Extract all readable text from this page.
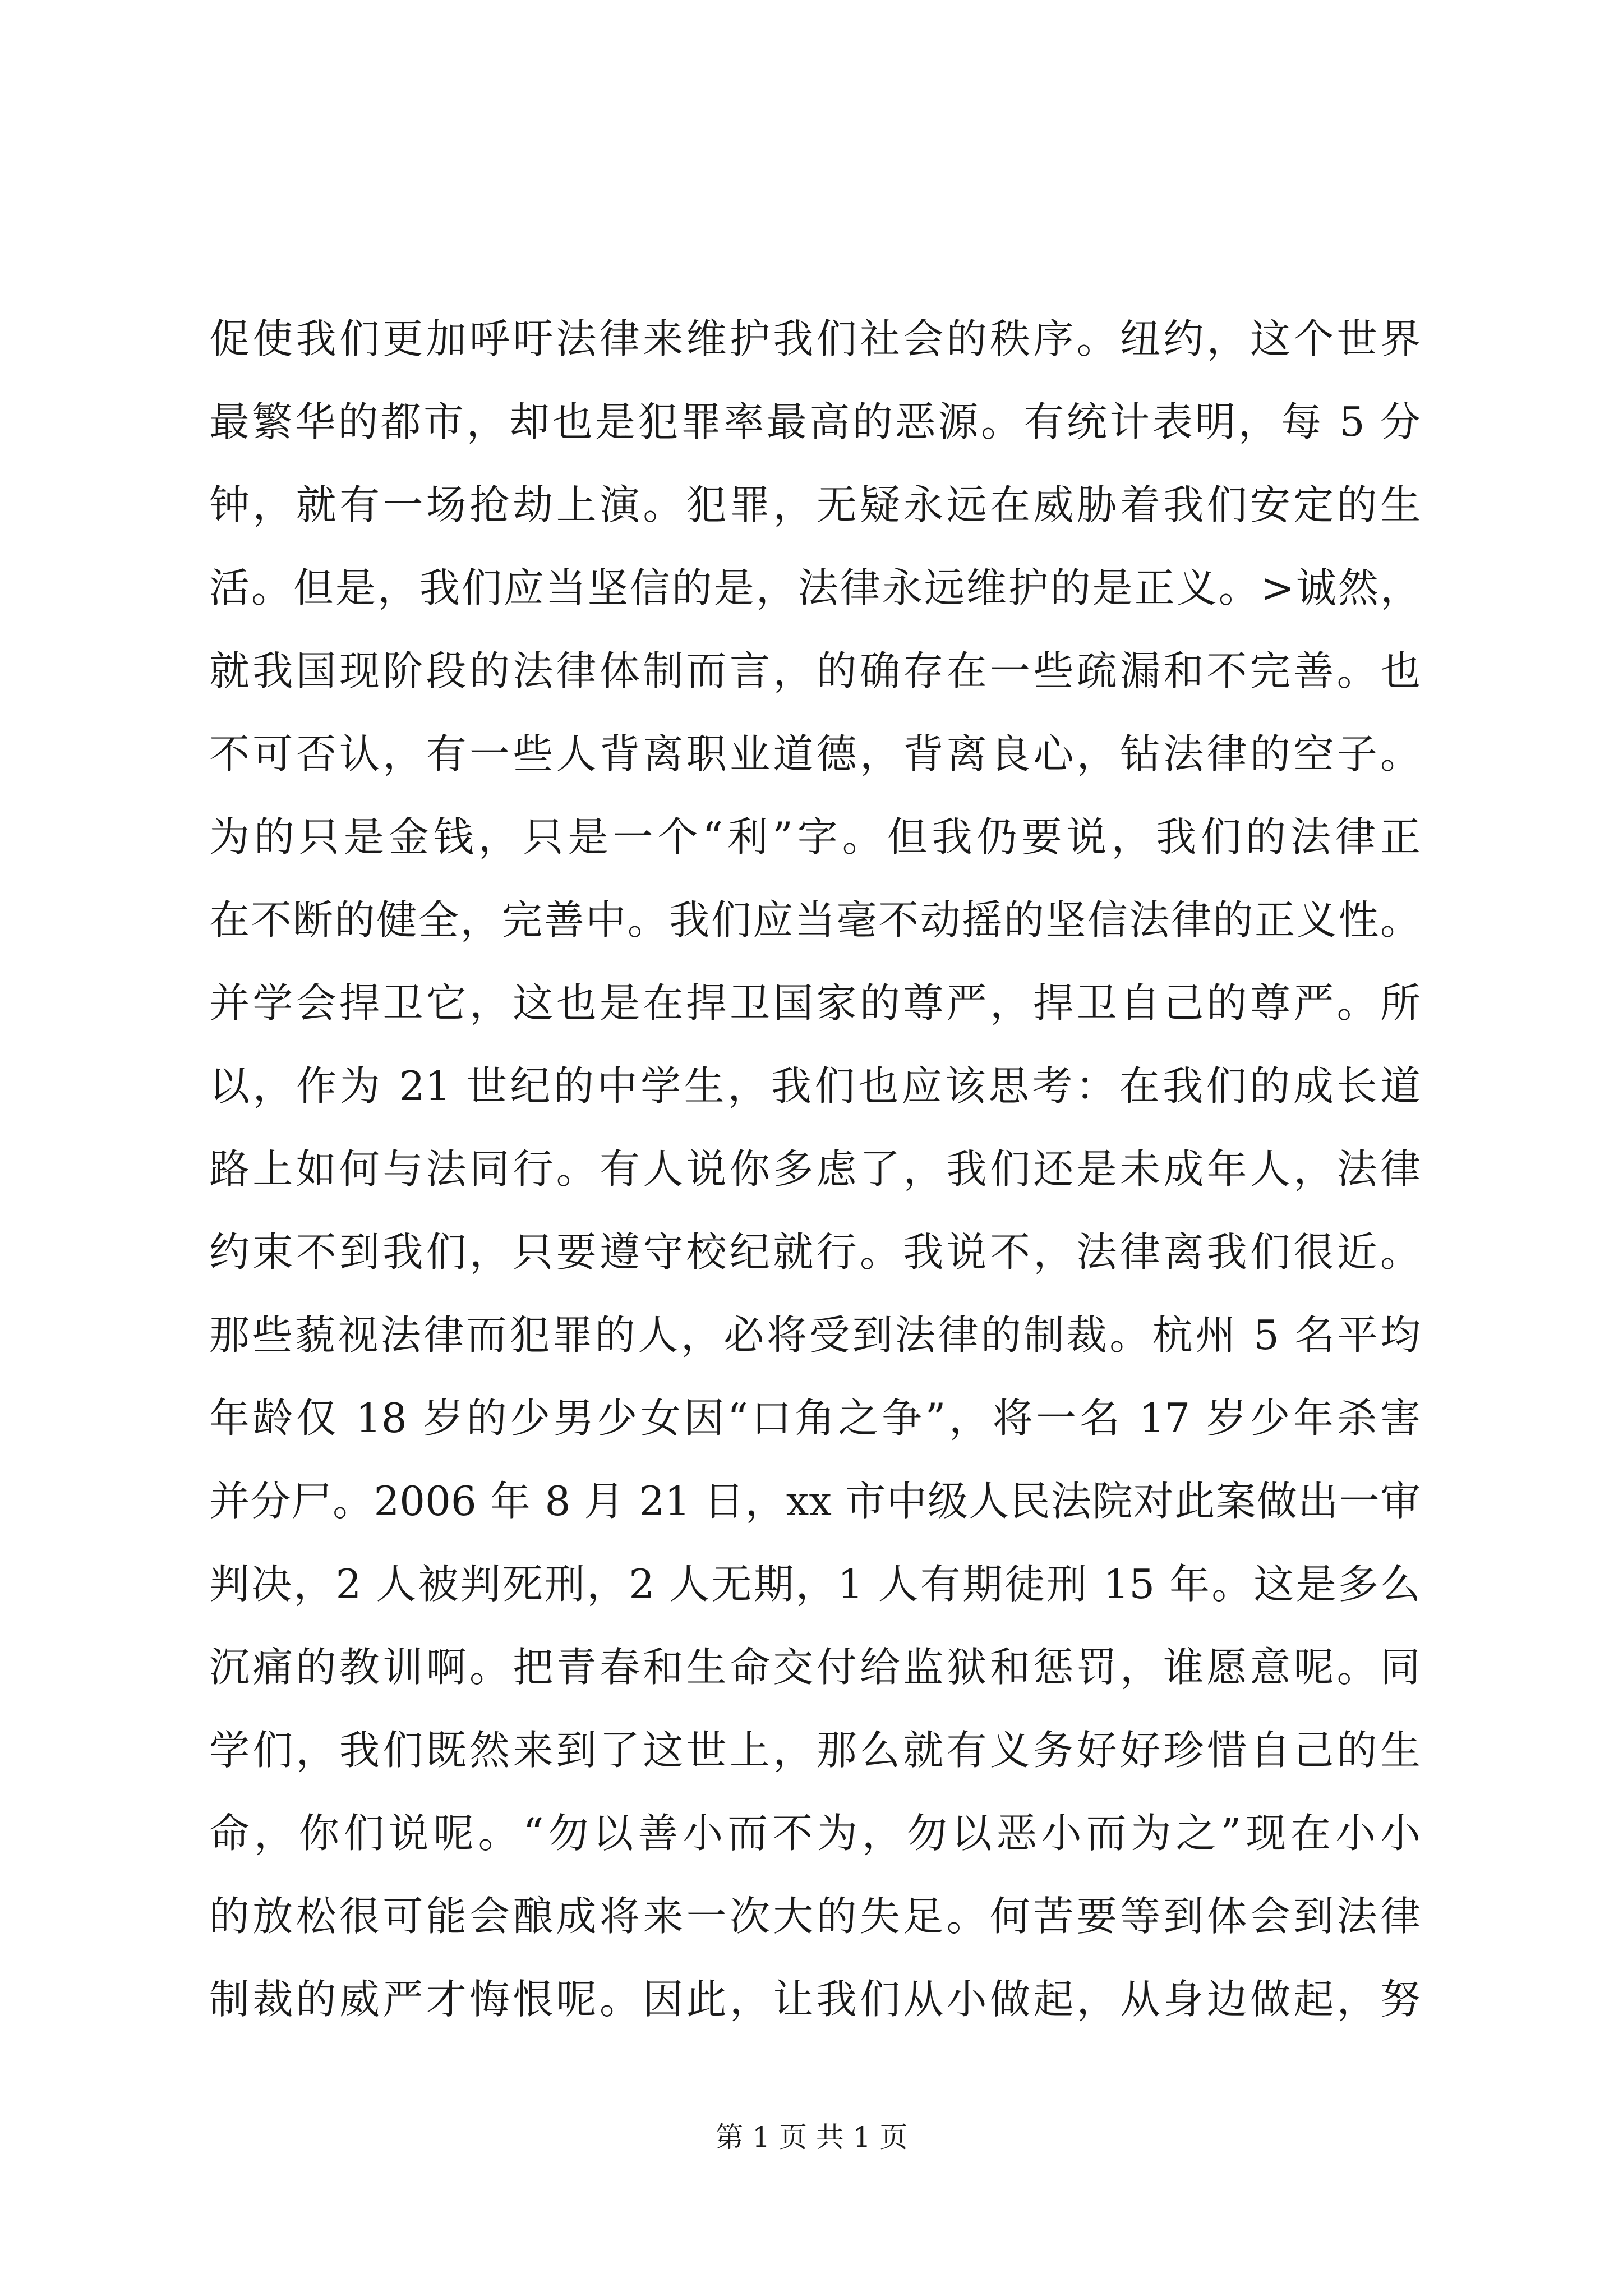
促使我们更加呼吁法律来维护我们社会的秩序。纽约，这个世界
最繁华的都市，却也是犯罪率最高的恶源。有统计表明，每 5 分
钟，就有一场抢劫上演。犯罪，无疑永远在威胁着我们安定的生
活。但是，我们应当坚信的是，法律永远维护的是正义。>诚然，
就我国现阶段的法律体制而言，的确存在一些疏漏和不完善。也
不可否认，有一些人背离职业道德，背离良心，钻法律的空子。
为的只是金钱，只是一个“利”字。但我仍要说，我们的法律正
在不断的健全，完善中。我们应当毫不动摇的坚信法律的正义性。
并学会捍卫它，这也是在捍卫国家的尊严，捍卫自己的尊严。所
以，作为 21 世纪的中学生，我们也应该思考：在我们的成长道
路上如何与法同行。有人说你多虑了，我们还是未成年人，法律
约束不到我们，只要遵守校纪就行。我说不，法律离我们很近。
那些藐视法律而犯罪的人，必将受到法律的制裁。杭州 5 名平均
年龄仅 18 岁的少男少女因“口角之争”，将一名 17 岁少年杀害
并分尸。2006 年 8 月 21 日，xx 市中级人民法院对此案做出一审
判决，2 人被判死刑，2 人无期，1 人有期徒刑 15 年。这是多么
沉痛的教训啊。把青春和生命交付给监狱和惩罚，谁愿意呢。同
学们，我们既然来到了这世上，那么就有义务好好珍惜自己的生
命，你们说呢。“勿以善小而不为，勿以恶小而为之”现在小小
的放松很可能会酿成将来一次大的失足。何苦要等到体会到法律
制裁的威严才悔恨呢。因此，让我们从小做起，从身边做起，努
第 1 页 共 1 页
